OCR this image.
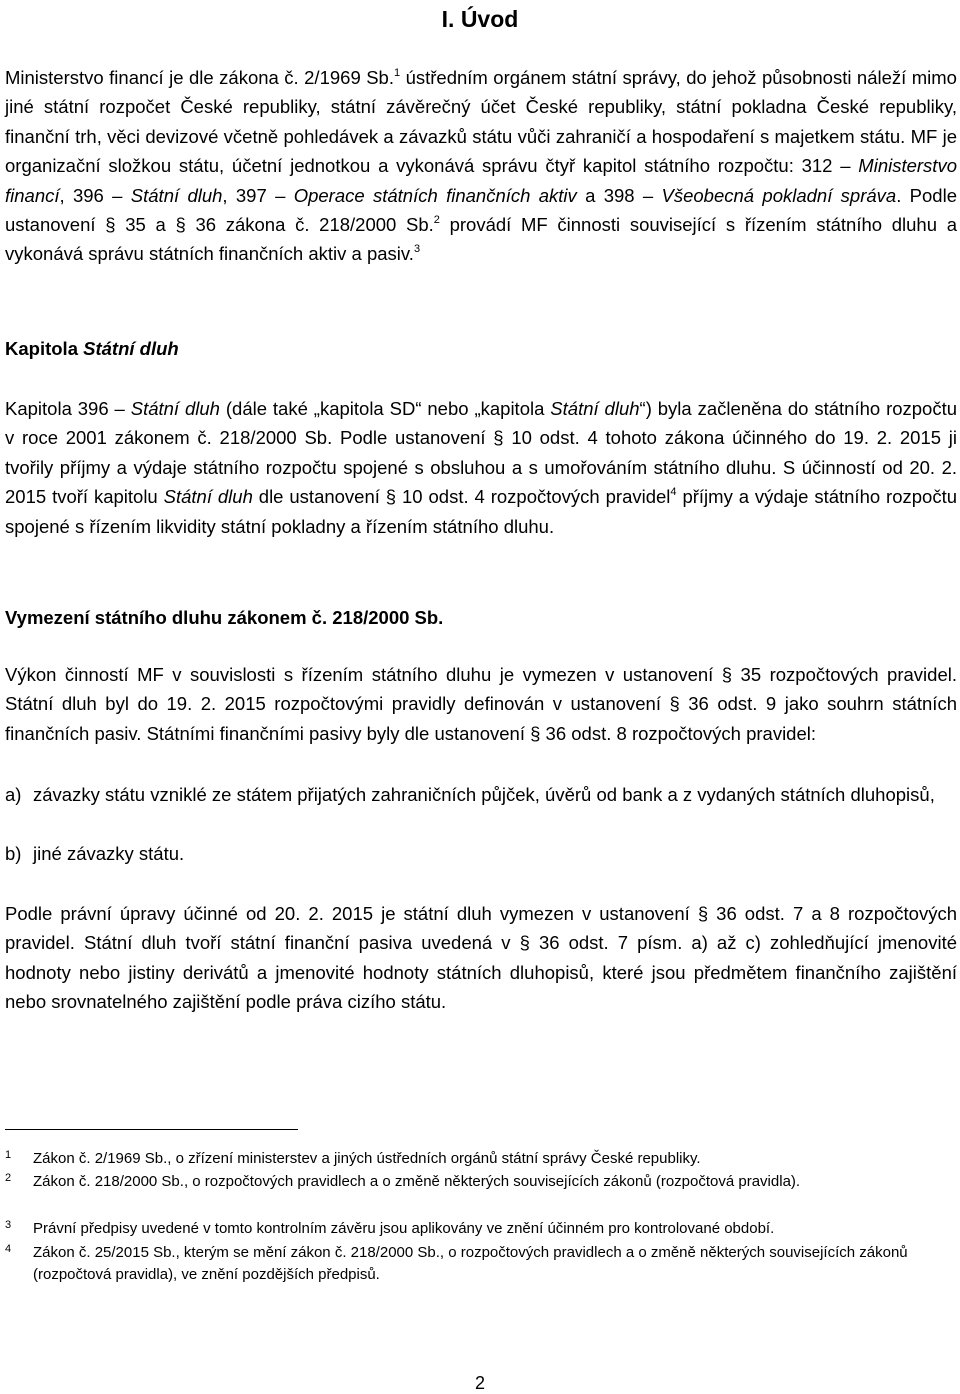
I. Úvod

Ministerstvo financí je dle zákona č. 2/1969 Sb.$^1$ ústředním orgánem státní správy, do jehož působnosti náleží mimo jiné státní rozpočet České republiky, státní závěrečný účet České republiky, státní pokladna České republiky, finanční trh, věci devizové včetně pohledávek a závazků státu vůči zahraničí a hospodaření s majetkem státu. MF je organizační složkou státu, účetní jednotkou a vykonává správu čtyř kapitol státního rozpočtu: 312 – Ministerstvo financí, 396 – Státní dluh, 397 – Operace státních finančních aktiv a 398 – Všeobecná pokladní správa. Podle ustanovení § 35 a § 36 zákona č. 218/2000 Sb.$^2$ provádí MF činnosti související s řízením státního dluhu a vykonává správu státních finančních aktiv a pasiv.$^3$

Kapitola Státní dluh

Kapitola 396 – Státní dluh (dále také „kapitola SD“ nebo „kapitola Státní dluh“) byla začleněna do státního rozpočtu v roce 2001 zákonem č. 218/2000 Sb. Podle ustanovení § 10 odst. 4 tohoto zákona účinného do 19. 2. 2015 ji tvořily příjmy a výdaje státního rozpočtu spojené s obsluhou a s umořováním státního dluhu. S účinností od 20. 2. 2015 tvoří kapitolu Státní dluh dle ustanovení § 10 odst. 4 rozpočtových pravidel$^4$ příjmy a výdaje státního rozpočtu spojené s řízením likvidity státní pokladny a řízením státního dluhu.

Vymezení státního dluhu zákonem č. 218/2000 Sb.

Výkon činností MF v souvislosti s řízením státního dluhu je vymezen v ustanovení § 35 rozpočtových pravidel. Státní dluh byl do 19. 2. 2015 rozpočtovými pravidly definován v ustanovení § 36 odst. 9 jako souhrn státních finančních pasiv. Státními finančními pasivy byly dle ustanovení § 36 odst. 8 rozpočtových pravidel:

a) závazky státu vzniklé ze státem přijatých zahraničních půjček, úvěrů od bank a z vydaných státních dluhopisů,

b) jiné závazky státu.

Podle právní úpravy účinné od 20. 2. 2015 je státní dluh vymezen v ustanovení § 36 odst. 7 a 8 rozpočtových pravidel. Státní dluh tvoří státní finanční pasiva uvedená v § 36 odst. 7 písm. a) až c) zohledňující jmenovité hodnoty nebo jistiny derivátů a jmenovité hodnoty státních dluhopisů, které jsou předmětem finančního zajištění nebo srovnatelného zajištění podle práva cizího státu.

1 Zákon č. 2/1969 Sb., o zřízení ministerstev a jiných ústředních orgánů státní správy České republiky.
2 Zákon č. 218/2000 Sb., o rozpočtových pravidlech a o změně některých souvisejících zákonů (rozpočtová pravidla).
3 Právní předpisy uvedené v tomto kontrolním závěru jsou aplikovány ve znění účinném pro kontrolované období.
4 Zákon č. 25/2015 Sb., kterým se mění zákon č. 218/2000 Sb., o rozpočtových pravidlech a o změně některých souvisejících zákonů (rozpočtová pravidla), ve znění pozdějších předpisů.

2
